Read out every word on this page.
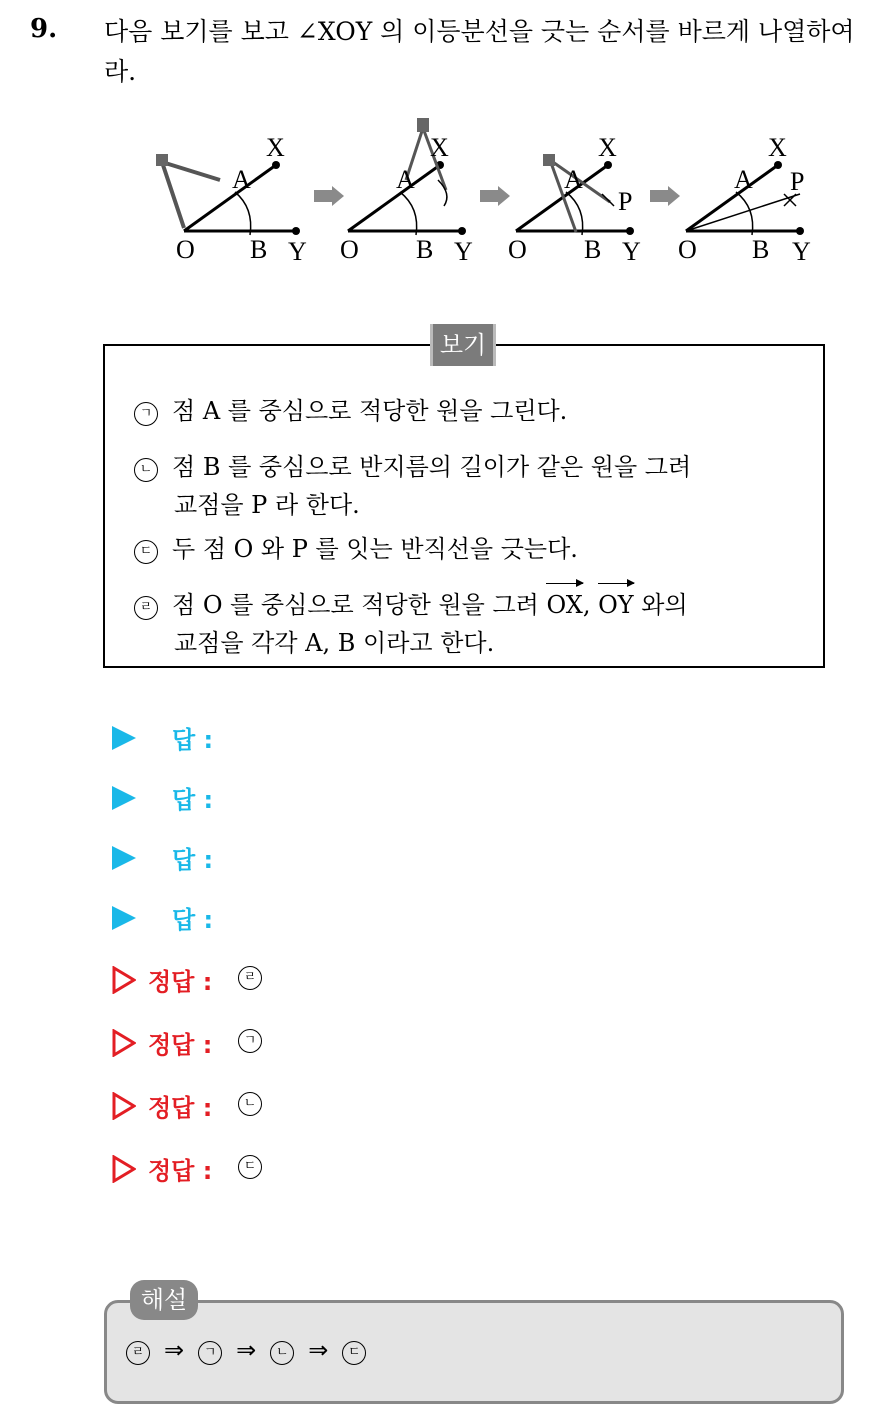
9. 다음 보기를 보고 ∠XOY 의 이등분선을 긋는 순서를 바르게 나열하여라.
O
A
B
X
Y O
A
B
X
Y O
A
B
X
Y
P
O
A
B
X
Y
P
보기
ㄱ 점 A 를 중심으로 적당한 원을 그린다.
ㄴ 점 B 를 중심으로 반지름의 길이가 같은 원을 그려
교점을 P 라 한다.
ㄷ 두 점 O 와 P 를 잇는 반직선을 긋는다.
ㄹ 점 O 를 중심으로 적당한 원을 그려 OX, OY 와의
교점을 각각 A, B 이라고 한다.
답 :
답 :
답 :
답 :
정답 :	ㄹ
정답 :	ㄱ
정답 :	ㄴ
정답 :	ㄷ
해설
ㄹ ⇒ ㄱ ⇒ ㄴ ⇒ ㄷ
